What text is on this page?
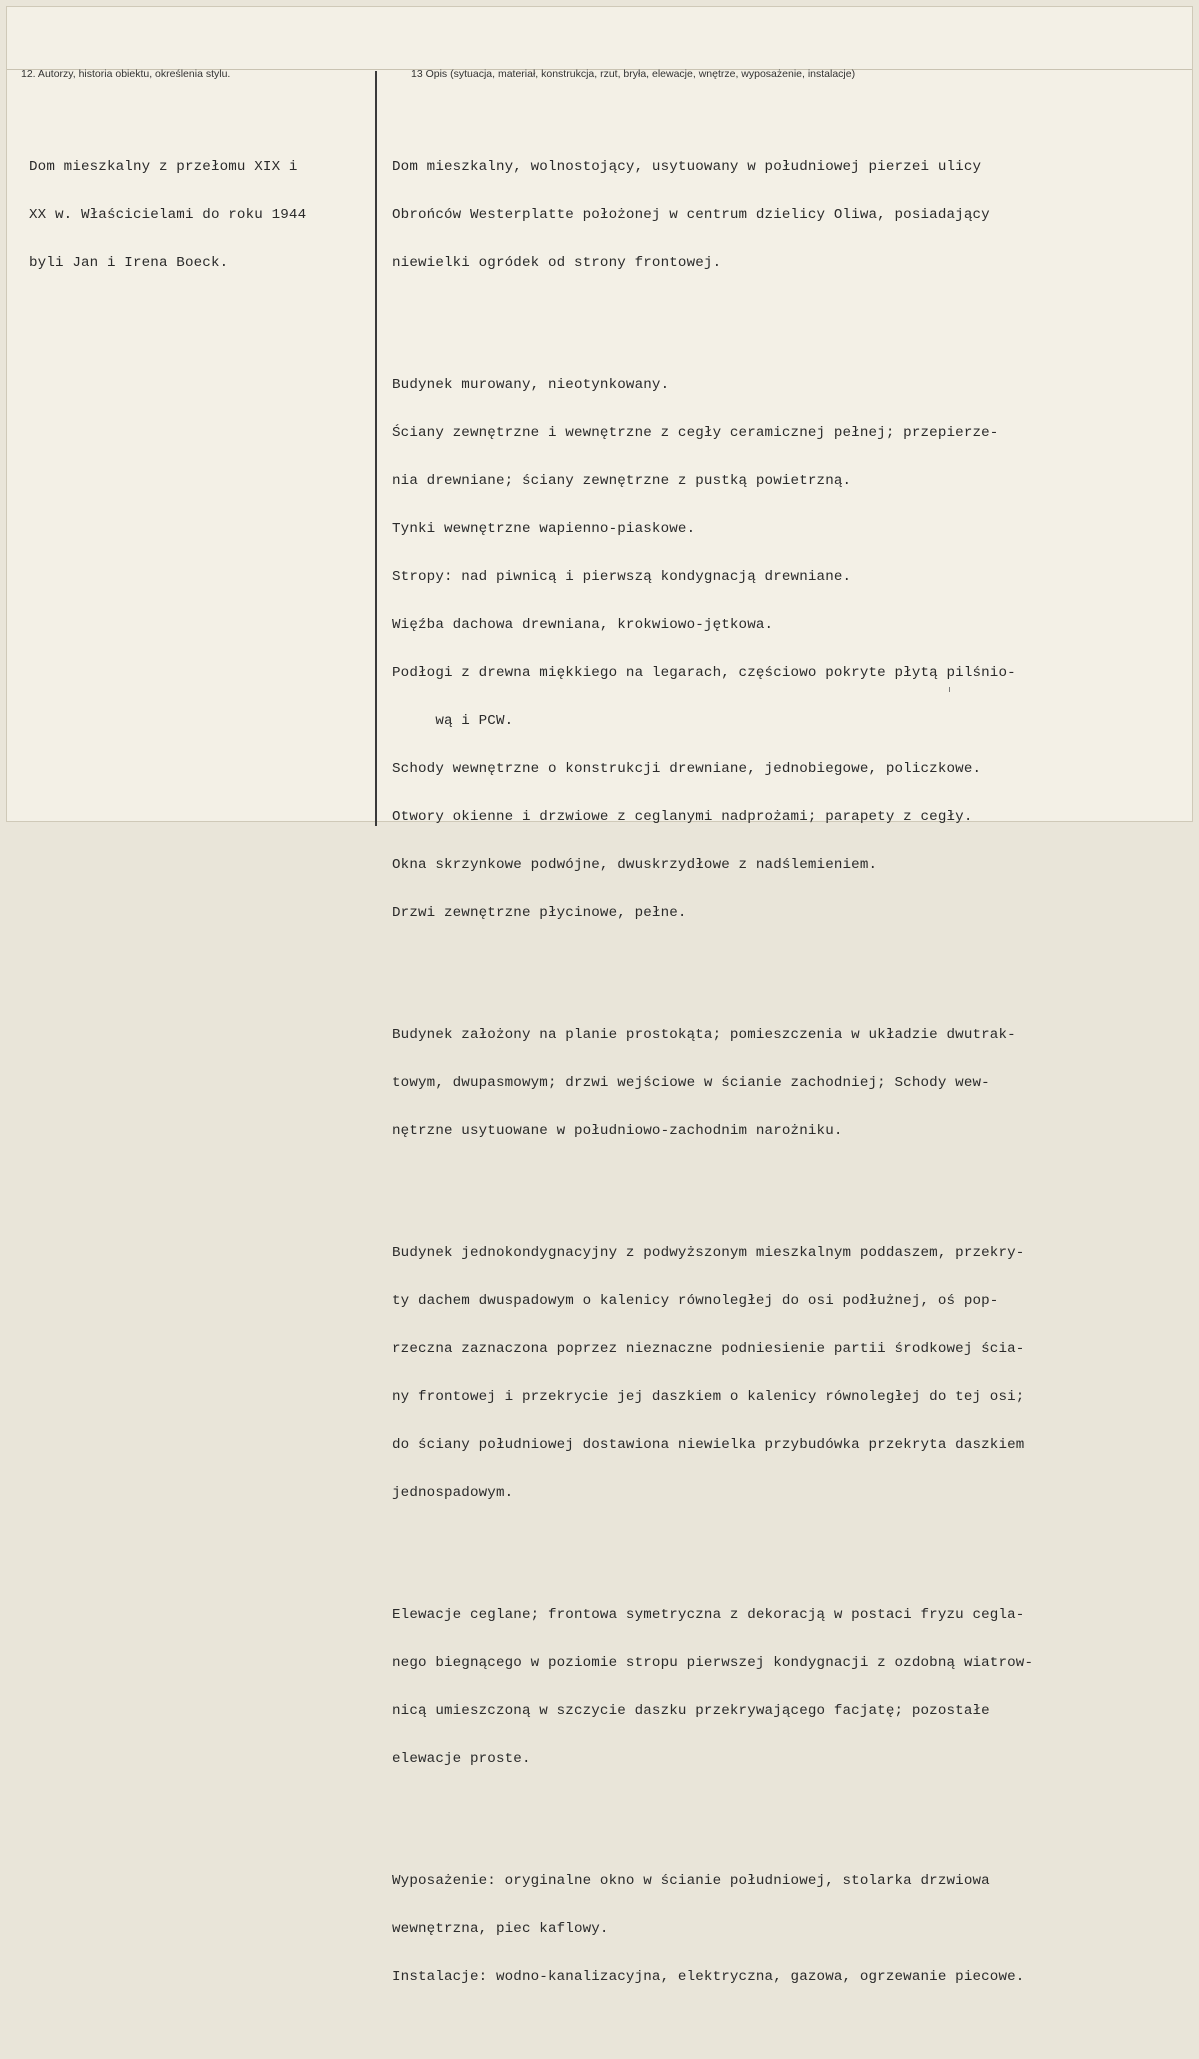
12. Autorzy, historia obiektu, określenia stylu.	13 Opis (sytuacja, materiał, konstrukcja, rzut, bryła, elewacje, wnętrze, wyposażenie, instalacje)

Dom mieszkalny z przełomu XIX i

XX w. Właścicielami do roku 1944

byli Jan i Irena Boeck.

Dom mieszkalny, wolnostojący, usytuowany w południowej pierzei ulicy

Obrońców Westerplatte położonej w centrum dzielicy Oliwa, posiadający

niewielki ogródek od strony frontowej.

Budynek murowany, nieotynkowany.

Ściany zewnętrzne i wewnętrzne z cegły ceramicznej pełnej; przepierze-

nia drewniane; ściany zewnętrzne z pustką powietrzną.

Tynki wewnętrzne wapienno-piaskowe.

Stropy: nad piwnicą i pierwszą kondygnacją drewniane.

Więźba dachowa drewniana, krokwiowo-jętkowa.

Podłogi z drewna miękkiego na legarach, częściowo pokryte płytą pilśnio-

wą i PCW.

Schody wewnętrzne o konstrukcji drewniane, jednobiegowe, policzkowe.

Otwory okienne i drzwiowe z ceglanymi nadprożami; parapety z cegły.

Okna skrzynkowe podwójne, dwuskrzydłowe z nadślemieniem.

Drzwi zewnętrzne płycinowe, pełne.

Budynek założony na planie prostokąta; pomieszczenia w układzie dwutrak-

towym, dwupasmowym; drzwi wejściowe w ścianie zachodniej; Schody wew-

nętrzne usytuowane w południowo-zachodnim narożniku.

Budynek jednokondygnacyjny z podwyższonym mieszkalnym poddaszem, przekry-

ty dachem dwuspadowym o kalenicy równoległej do osi podłużnej, oś pop-

rzeczna zaznaczona poprzez nieznaczne podniesienie partii środkowej ścia-

ny frontowej i przekrycie jej daszkiem o kalenicy równoległej do tej osi;

do ściany południowej dostawiona niewielka przybudówka przekryta daszkiem

jednospadowym.

Elewacje ceglane; frontowa symetryczna z dekoracją w postaci fryzu cegla-

nego biegnącego w poziomie stropu pierwszej kondygnacji z ozdobną wiatrow-

nicą umieszczoną w szczycie daszku przekrywającego facjatę; pozostałe

elewacje proste.

Wyposażenie: oryginalne okno w ścianie południowej, stolarka drzwiowa

wewnętrzna, piec kaflowy.

Instalacje: wodno-kanalizacyjna, elektryczna, gazowa, ogrzewanie piecowe.
